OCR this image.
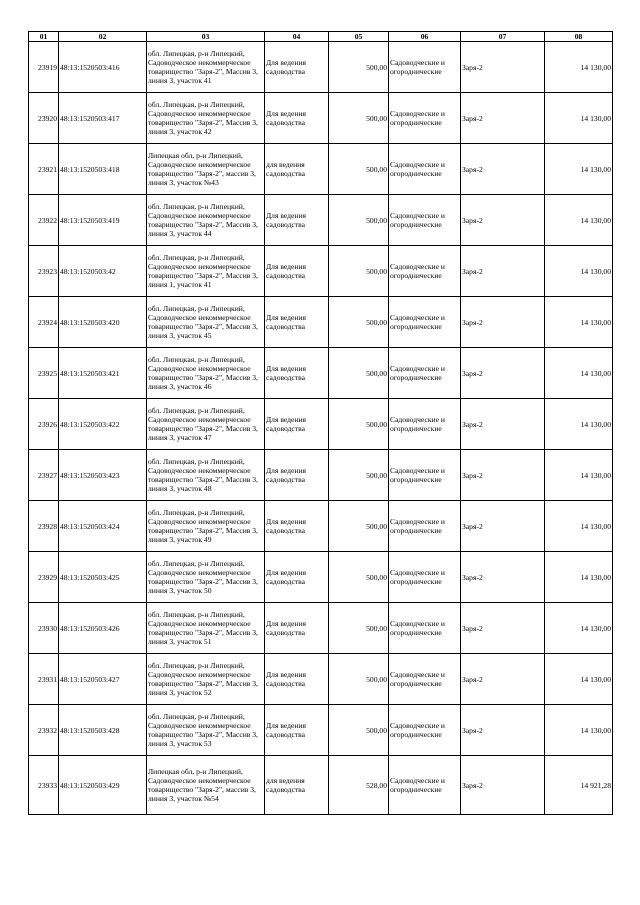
01	02	03	04	05	06	07	08
23919	48:13:1520503:416	обл. Липецкая, р-н Липецкий, Садоводческое некоммерческое товарищество "Заря-2", Массив 3, линия 3, участок 41	Для ведения садоводства	500,00	Садоводческие и огороднические	Заря-2	14 130,00
23920	48:13:1520503:417	обл. Липецкая, р-н Липецкий, Садоводческое некоммерческое товарищество "Заря-2", Массив 3, линия 3, участок 42	Для ведения садоводства	500,00	Садоводческие и огороднические	Заря-2	14 130,00
23921	48:13:1520503:418	Липецкая обл, р-н Липецкий, Садоводческое некоммерческое товарищество "Заря-2", массив 3, линия 3, участок №43	для ведения садоводства	500,00	Садоводческие и огороднические	Заря-2	14 130,00
23922	48:13:1520503:419	обл. Липецкая, р-н Липецкий, Садоводческое некоммерческое товарищество "Заря-2", Массив 3, линия 3, участок 44	Для ведения садоводства	500,00	Садоводческие и огороднические	Заря-2	14 130,00
23923	48:13:1520503:42	обл. Липецкая, р-н Липецкий, Садоводческое некоммерческое товарищество "Заря-2", Массив 3, линия 1, участок 41	Для ведения садоводства	500,00	Садоводческие и огороднические	Заря-2	14 130,00
23924	48:13:1520503:420	обл. Липецкая, р-н Липецкий, Садоводческое некоммерческое товарищество "Заря-2", Массив 3, линия 3, участок 45	Для ведения садоводства	500,00	Садоводческие и огороднические	Заря-2	14 130,00
23925	48:13:1520503:421	обл. Липецкая, р-н Липецкий, Садоводческое некоммерческое товарищество "Заря-2", Массив 3, линия 3, участок 46	Для ведения садоводства	500,00	Садоводческие и огороднические	Заря-2	14 130,00
23926	48:13:1520503:422	обл. Липецкая, р-н Липецкий, Садоводческое некоммерческое товарищество "Заря-2", Массив 3, линия 3, участок 47	Для ведения садоводства	500,00	Садоводческие и огороднические	Заря-2	14 130,00
23927	48:13:1520503:423	обл. Липецкая, р-н Липецкий, Садоводческое некоммерческое товарищество "Заря-2", Массив 3, линия 3, участок 48	Для ведения садоводства	500,00	Садоводческие и огороднические	Заря-2	14 130,00
23928	48:13:1520503:424	обл. Липецкая, р-н Липецкий, Садоводческое некоммерческое товарищество "Заря-2", Массив 3, линия 3, участок 49	Для ведения садоводства	500,00	Садоводческие и огороднические	Заря-2	14 130,00
23929	48:13:1520503:425	обл. Липецкая, р-н Липецкий, Садоводческое некоммерческое товарищество "Заря-2", Массив 3, линия 3, участок 50	Для ведения садоводства	500,00	Садоводческие и огороднические	Заря-2	14 130,00
23930	48:13:1520503:426	обл. Липецкая, р-н Липецкий, Садоводческое некоммерческое товарищество "Заря-2", Массив 3, линия 3, участок 51	Для ведения садоводства	500,00	Садоводческие и огороднические	Заря-2	14 130,00
23931	48:13:1520503:427	обл. Липецкая, р-н Липецкий, Садоводческое некоммерческое товарищество "Заря-2", Массив 3, линия 3, участок 52	Для ведения садоводства	500,00	Садоводческие и огороднические	Заря-2	14 130,00
23932	48:13:1520503:428	обл. Липецкая, р-н Липецкий, Садоводческое некоммерческое товарищество "Заря-2", Массив 3, линия 3, участок 53	Для ведения садоводства	500,00	Садоводческие и огороднические	Заря-2	14 130,00
23933	48:13:1520503:429	Липецкая обл, р-н Липецкий, Садоводческое некоммерческое товарищество "Заря-2", массив 3, линия 3, участок №54	для ведения садоводства	528,00	Садоводческие и огороднические	Заря-2	14 921,28
